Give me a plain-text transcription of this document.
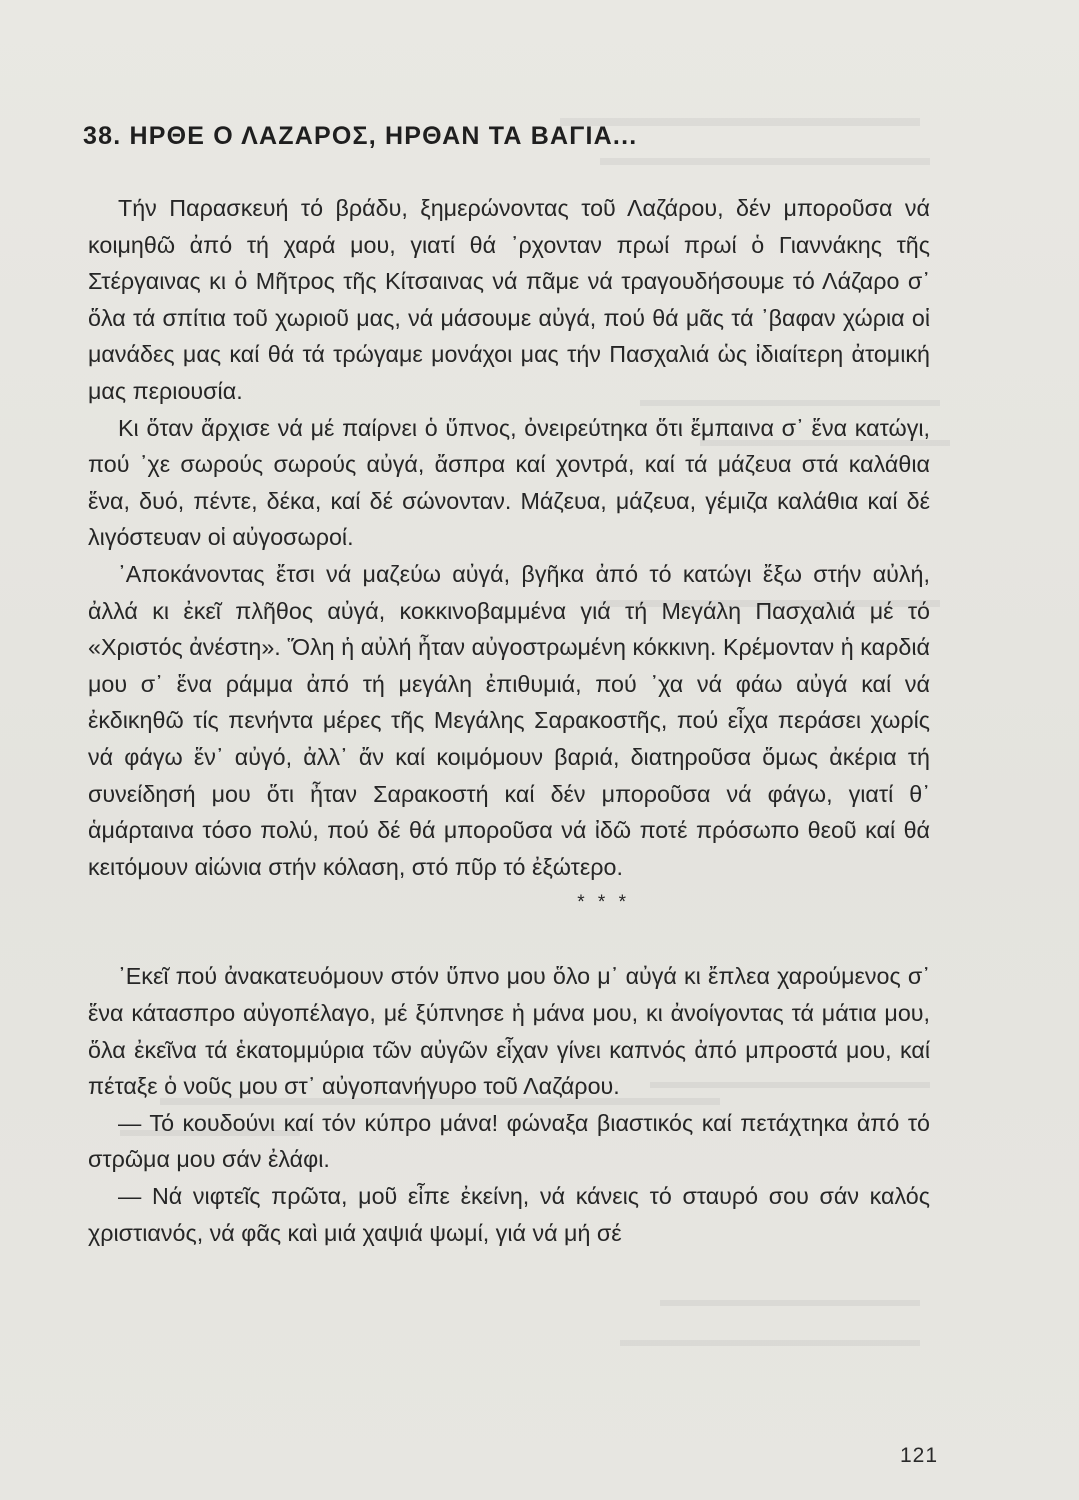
38. ΗΡΘΕ Ο ΛΑΖΑΡΟΣ, ΗΡΘΑΝ ΤΑ ΒΑΓΙΑ...

Τήν Παρασκευή τό βράδυ, ξημερώνοντας τοῦ Λαζάρου, δέν μποροῦσα νά κοιμηθῶ ἀπό τή χαρά μου, γιατί θά ᾽ρχονταν πρωί πρωί ὁ Γιαννάκης τῆς Στέργαινας κι ὁ Μῆτρος τῆς Κίτσαινας νά πᾶμε νά τραγουδήσουμε τό Λάζαρο σ᾽ ὅλα τά σπίτια τοῦ χωριοῦ μας, νά μάσουμε αὐγά, πού θά μᾶς τά ᾽βαφαν χώρια οἱ μανάδες μας καί θά τά τρώγαμε μονάχοι μας τήν Πασχαλιά ὡς ἰδιαίτερη ἀτομική μας περιουσία.

Κι ὅταν ἄρχισε νά μέ παίρνει ὁ ὕπνος, ὀνειρεύτηκα ὅτι ἔμπαινα σ᾽ ἕνα κατώγι, πού ᾽χε σωρούς σωρούς αὐγά, ἄσπρα καί χοντρά, καί τά μάζευα στά καλάθια ἕνα, δυό, πέντε, δέκα, καί δέ σώνονταν. Μάζευα, μάζευα, γέμιζα καλάθια καί δέ λιγόστευαν οἱ αὐγοσωροί.

᾽Αποκάνοντας ἔτσι νά μαζεύω αὐγά, βγῆκα ἀπό τό κατώγι ἔξω στήν αὐλή, ἀλλά κι ἐκεῖ πλῆθος αὐγά, κοκκινοβαμμένα γιά τή Μεγάλη Πασχαλιά μέ τό «Χριστός ἀνέστη». Ὅλη ἡ αὐλή ἦταν αὐγοστρωμένη κόκκινη. Κρέμονταν ἡ καρδιά μου σ᾽ ἕνα ράμμα ἀπό τή μεγάλη ἐπιθυμιά, πού ᾽χα νά φάω αὐγά καί νά ἐκδικηθῶ τίς πενήντα μέρες τῆς Μεγάλης Σαρακοστῆς, πού εἶχα περάσει χωρίς νά φάγω ἕν᾽ αὐγό, ἀλλ᾽ ἄν καί κοιμόμουν βαριά, διατηροῦσα ὅμως ἀκέρια τή συνείδησή μου ὅτι ἦταν Σαρακοστή καί δέν μποροῦσα νά φάγω, γιατί θ᾽ ἁμάρταινα τόσο πολύ, πού δέ θά μποροῦσα νά ἰδῶ ποτέ πρόσωπο θεοῦ καί θά κειτόμουν αἰώνια στήν κόλαση, στό πῦρ τό ἐξώτερο.

* * *

᾽Εκεῖ πού ἀνακατευόμουν στόν ὕπνο μου ὅλο μ᾽ αὐγά κι ἔπλεα χαρούμενος σ᾽ ἕνα κάτασπρο αὐγοπέλαγο, μέ ξύπνησε ἡ μάνα μου, κι ἀνοίγοντας τά μάτια μου, ὅλα ἐκεῖνα τά ἑκατομμύρια τῶν αὐγῶν εἶχαν γίνει καπνός ἀπό μπροστά μου, καί πέταξε ὁ νοῦς μου στ᾽ αὐγοπανήγυρο τοῦ Λαζάρου.

— Τό κουδούνι καί τόν κύπρο μάνα! φώναξα βιαστικός καί πετάχτηκα ἀπό τό στρῶμα μου σάν ἐλάφι.

— Νά νιφτεῖς πρῶτα, μοῦ εἶπε ἐκείνη, νά κάνεις τό σταυρό σου σάν καλός χριστιανός, νά φᾶς καὶ μιά χαψιά ψωμί, γιά νά μή σέ

121
